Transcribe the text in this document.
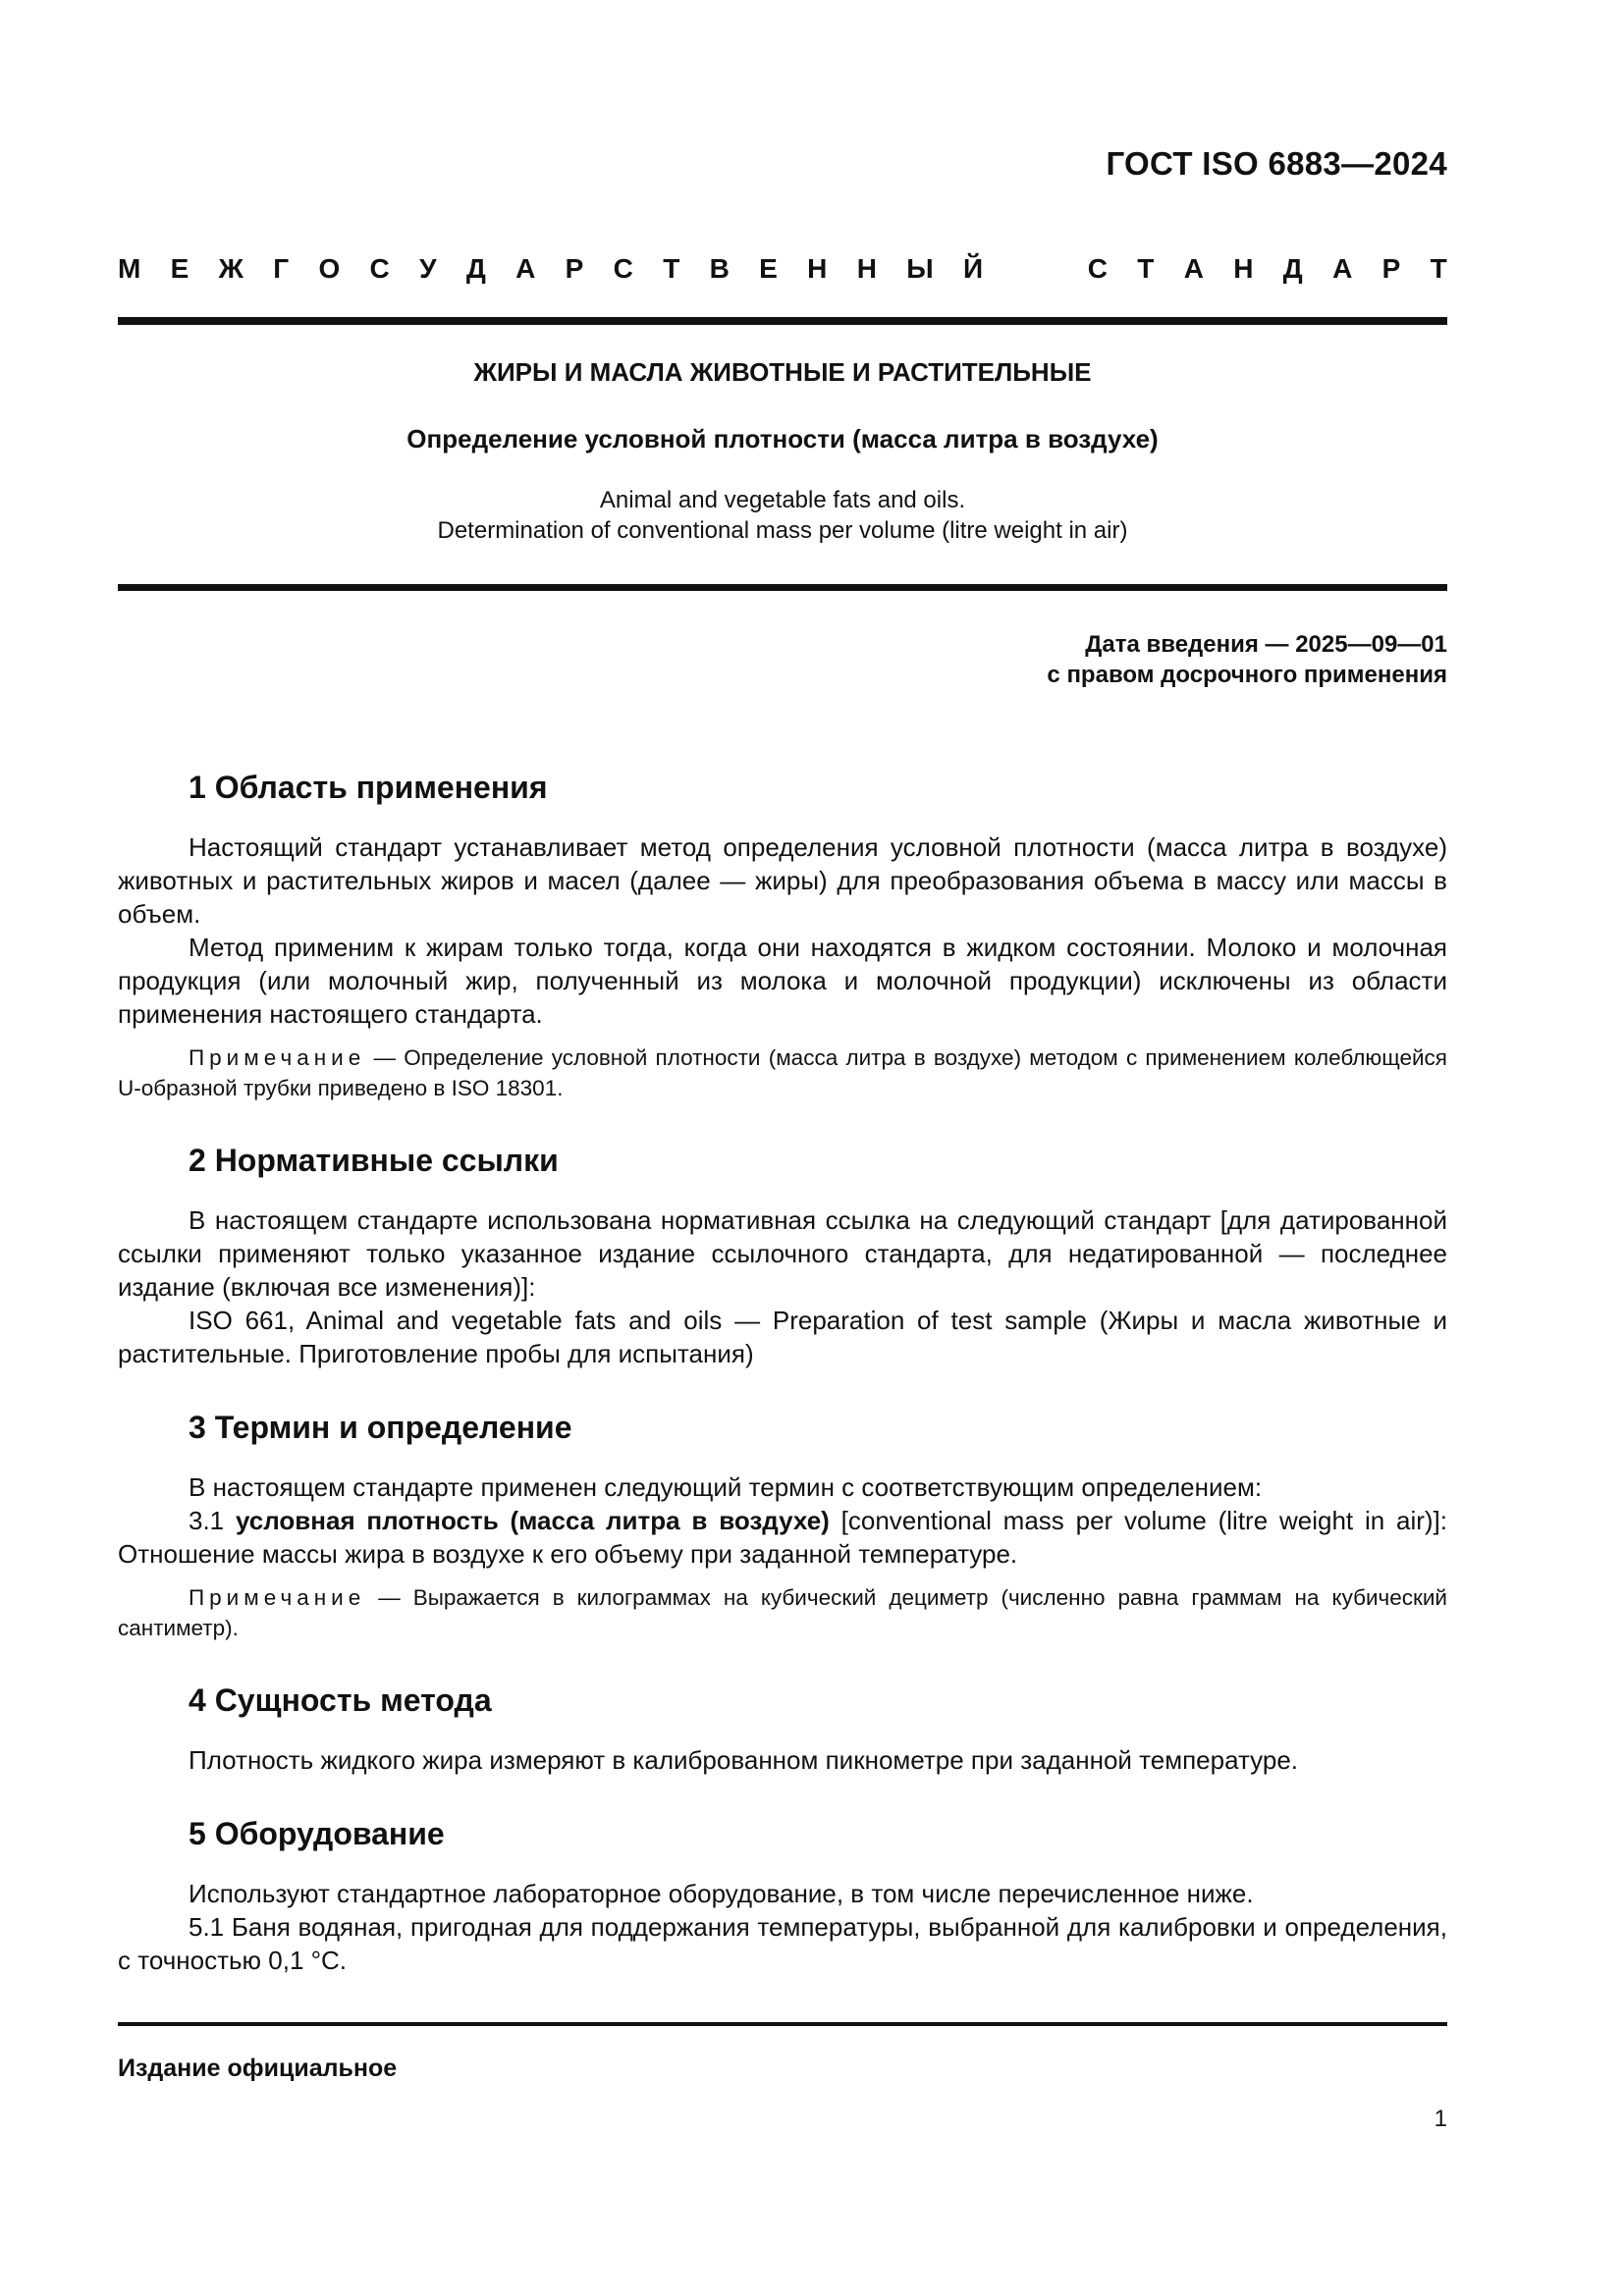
ГОСТ ISO 6883—2024
М Е Ж Г О С У Д А Р С Т В Е Н Н Ы Й	С Т А Н Д А Р Т
ЖИРЫ И МАСЛА ЖИВОТНЫЕ И РАСТИТЕЛЬНЫЕ
Определение условной плотности (масса литра в воздухе)
Animal and vegetable fats and oils.
Determination of conventional mass per volume (litre weight in air)
Дата введения — 2025—09—01
с правом досрочного применения
1 Область применения

Настоящий стандарт устанавливает метод определения условной плотности (масса литра в воздухе) животных и растительных жиров и масел (далее — жиры) для преобразования объема в массу или массы в объем.

Метод применим к жирам только тогда, когда они находятся в жидком состоянии. Молоко и молочная продукция (или молочный жир, полученный из молока и молочной продукции) исключены из области применения настоящего стандарта.

Примечание — Определение условной плотности (масса литра в воздухе) методом с применением колеблющейся U-образной трубки приведено в ISO 18301.

2 Нормативные ссылки

В настоящем стандарте использована нормативная ссылка на следующий стандарт [для датированной ссылки применяют только указанное издание ссылочного стандарта, для недатированной — последнее издание (включая все изменения)]:

ISO 661, Animal and vegetable fats and oils — Preparation of test sample (Жиры и масла животные и растительные. Приготовление пробы для испытания)

3 Термин и определение

В настоящем стандарте применен следующий термин с соответствующим определением:

3.1 условная плотность (масса литра в воздухе) [conventional mass per volume (litre weight in air)]: Отношение массы жира в воздухе к его объему при заданной температуре.

Примечание — Выражается в килограммах на кубический дециметр (численно равна граммам на кубический сантиметр).

4 Сущность метода

Плотность жидкого жира измеряют в калиброванном пикнометре при заданной температуре.

5 Оборудование

Используют стандартное лабораторное оборудование, в том числе перечисленное ниже.

5.1 Баня водяная, пригодная для поддержания температуры, выбранной для калибровки и определения, с точностью 0,1 °С.

Издание официальное
1
